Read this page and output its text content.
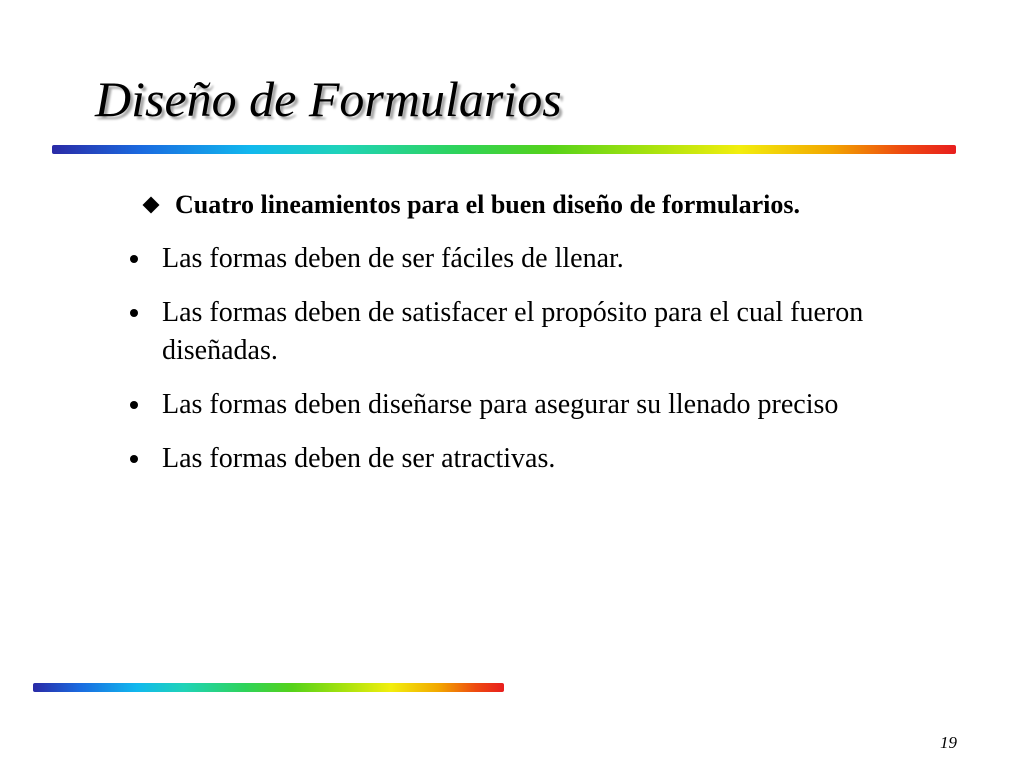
Diseño de Formularios
Cuatro lineamientos para el buen diseño de formularios.
Las formas deben de ser fáciles de llenar.
Las formas deben de satisfacer el propósito para el cual fueron diseñadas.
Las formas deben diseñarse para asegurar su llenado preciso
Las formas deben de ser atractivas.
19
